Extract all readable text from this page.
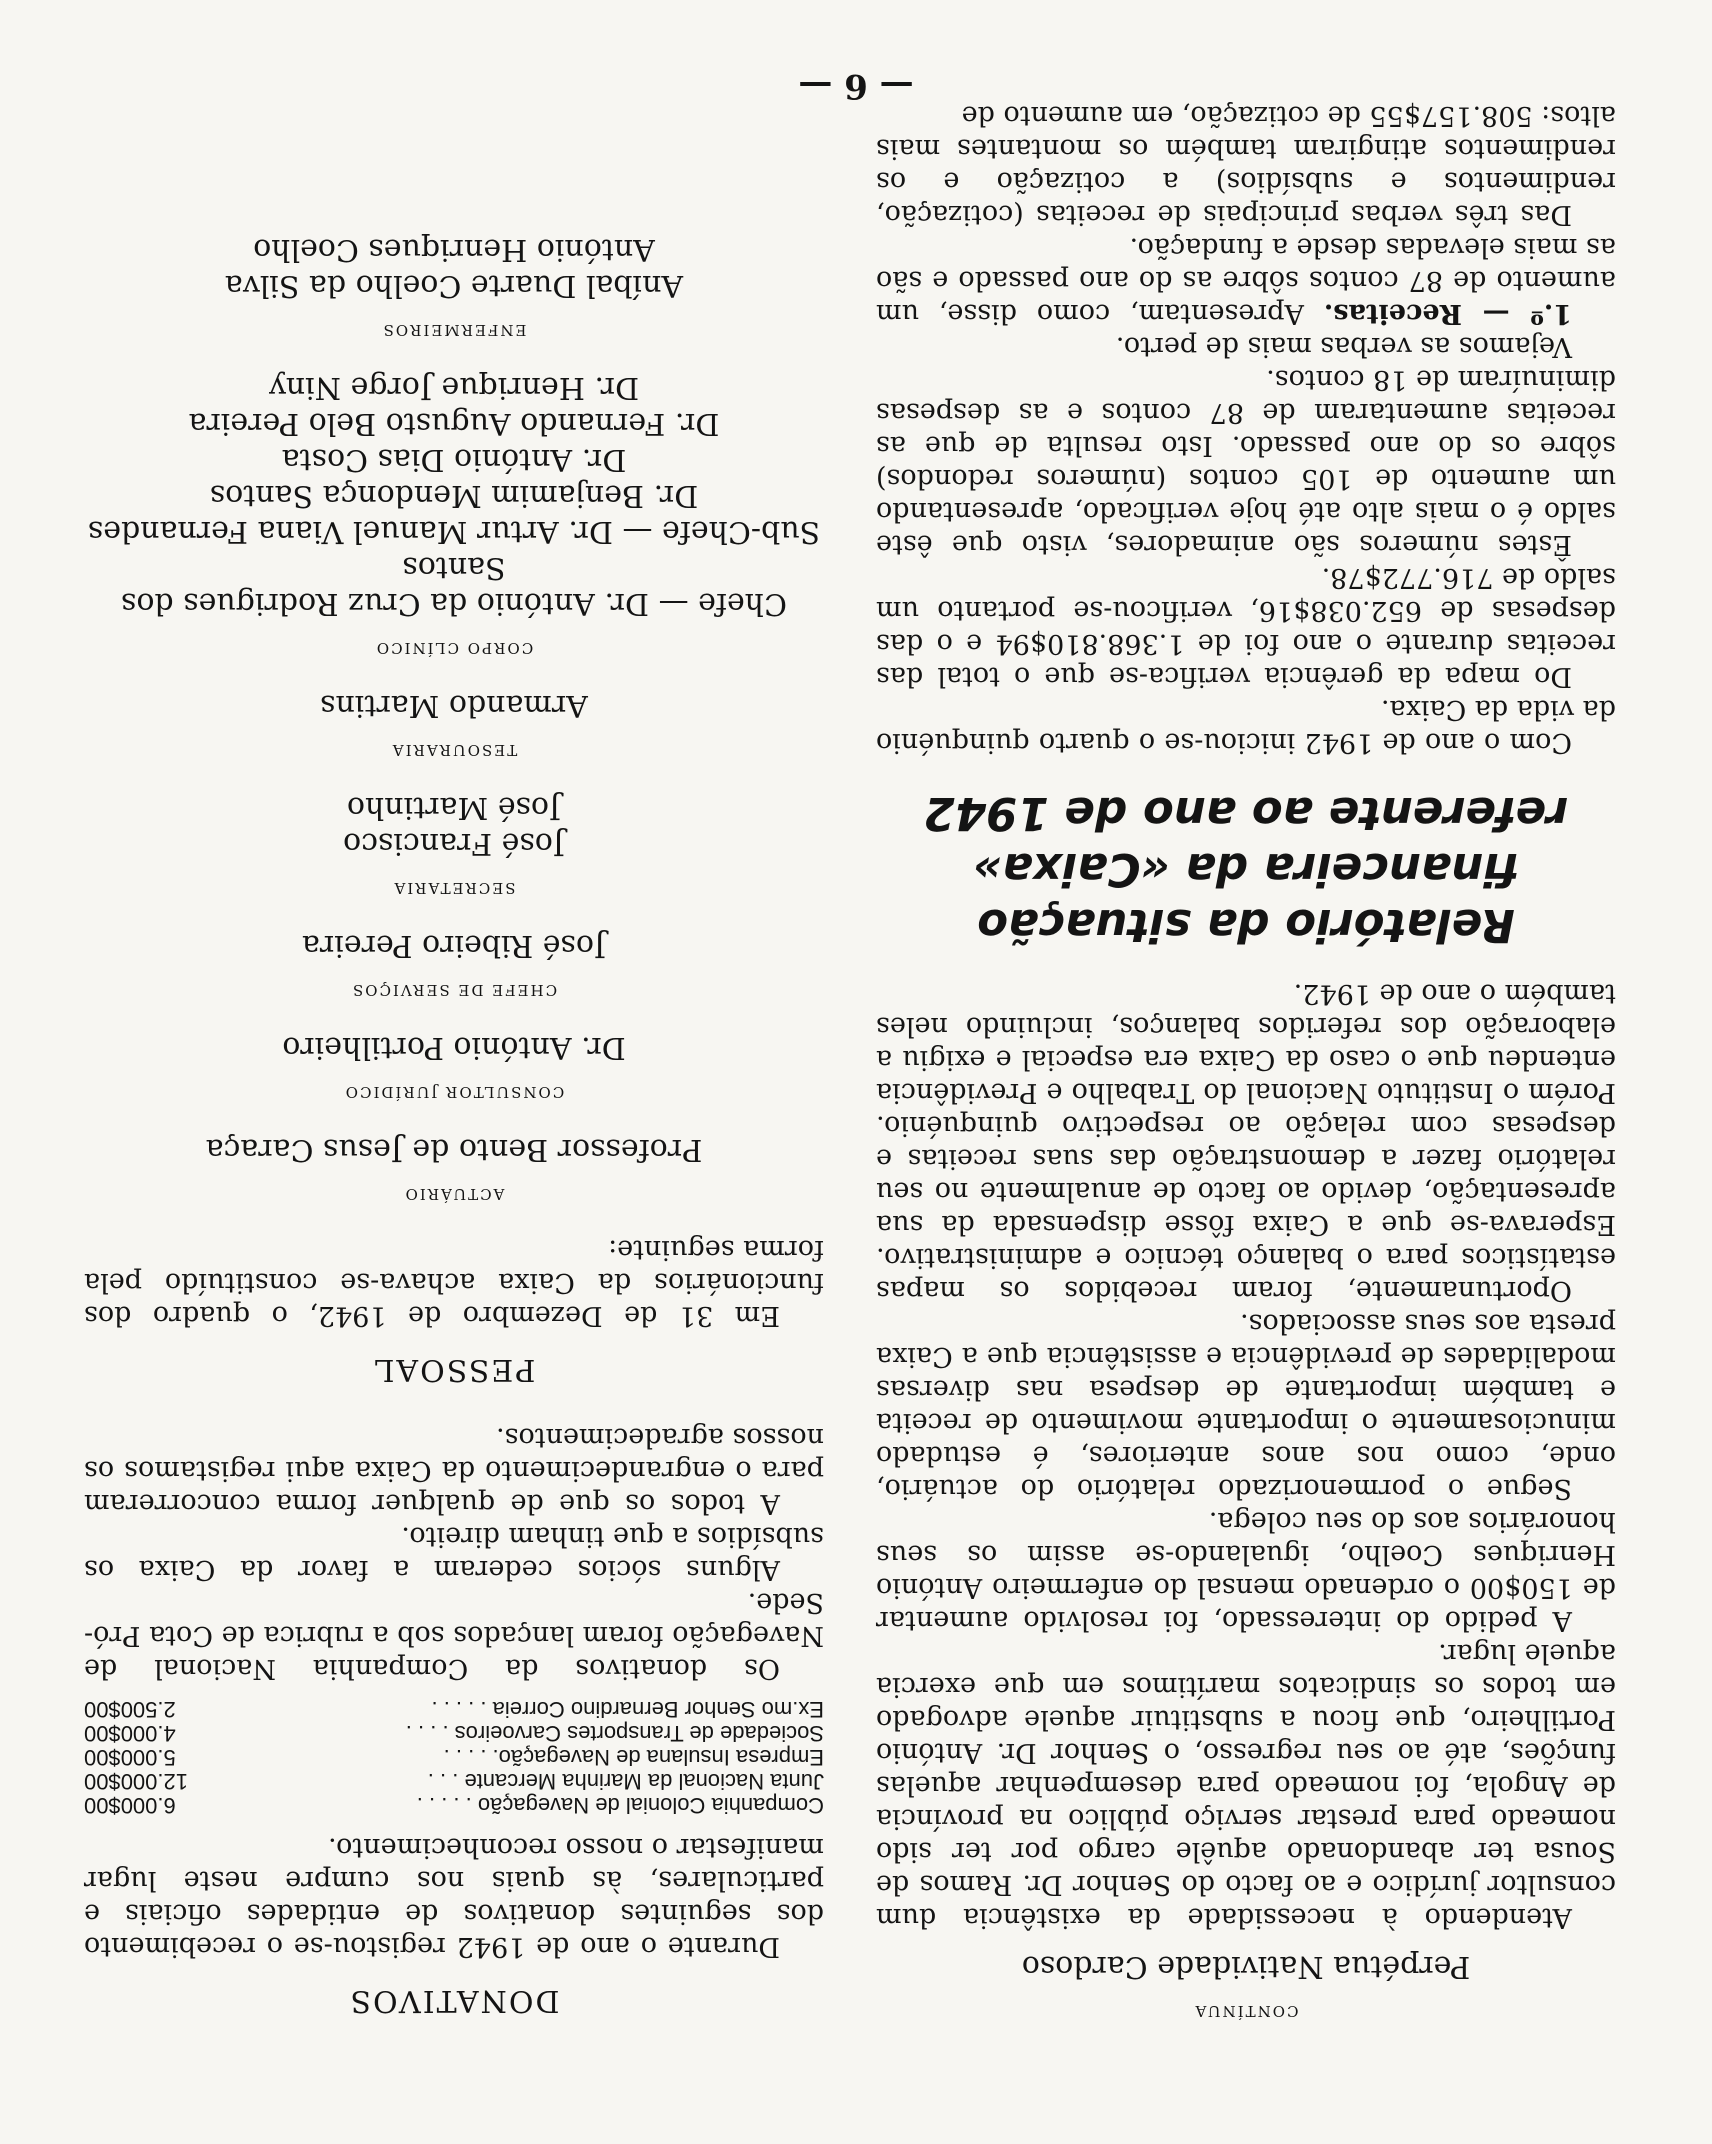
— 6 —
DONATIVOS

Durante o ano de 1942 registou-se o recebimento dos seguintes donativos de entidades oficiais e particulares, às quais nos cumpre neste lugar manifestar o nosso reconhecimento.

Companhia Colonial de Navegação . . . . .	6.000$00
Junta Nacional da Marinha Mercante . . .	12.000$00
Empresa Insulana de Navegação. . . . .	5.000$00
Sociedade de Transportes Carvoeiros . . . .	4.000$00
Ex.mo Senhor Bernardino Correia . . . . .	2.500$00

Os donativos da Companhia Nacional de Navegação foram lançados sob a rubrica de Cota Pró-Sede.

Alguns sócios cederam a favor da Caixa os subsídios a que tinham direito.

A todos os que de qualquer forma concorreram para o engrandecimento da Caixa aqui registamos os nossos agradecimentos.

PESSOAL

Em 31 de Dezembro de 1942, o quadro dos funcionários da Caixa achava-se constituído pela forma seguinte:

ACTUÁRIO
Professor Bento de Jesus Caraça
CONSULTOR JURÍDICO
Dr. António Portilheiro
CHEFE DE SERVIÇOS
José Ribeiro Pereira
SECRETARIA
José Francisco
José Martinho
TESOURARIA
Armando Martins
CORPO CLÍNICO
Chefe — Dr. António da Cruz Rodrigues dos Santos
Sub-Chefe — Dr. Artur Manuel Viana Fernandes
Dr. Benjamim Mendonça Santos
Dr. António Dias Costa
Dr. Fernando Augusto Belo Pereira
Dr. Henrique Jorge Niny
ENFERMEIROS
Aníbal Duarte Coelho da Silva
António Henriques Coelho
CONTÍNUA
Perpétua Natividade Cardoso

Atendendo à necessidade da existência dum consultor jurídico e ao facto do Senhor Dr. Ramos de Sousa ter abandonado aquêle cargo por ter sido nomeado para prestar serviço público na província de Angola, foi nomeado para desempenhar aquelas funções, até ao seu regresso, o Senhor Dr. António Portilheiro, que ficou a substituir aquele advogado em todos os sindicatos marítimos em que exercia aquele lugar.

A pedido do interessado, foi resolvido aumentar de 150$00 o ordenado mensal do enfermeiro António Henriques Coelho, igualando-se assim os seus honorários aos do seu colega.

Segue o pormenorizado relatório do actuário, onde, como nos anos anteriores, é estudado minuciosamente o importante movimento de receita e também importante de despesa nas diversas modalidades de previdência e assistência que a Caixa presta aos seus associados.

Oportunamente, foram recebidos os mapas estatísticos para o balanço técnico e administrativo. Esperava-se que a Caixa fôsse dispensada da sua apresentação, devido ao facto de anualmente no seu relatório fazer a demonstração das suas receitas e despesas com relação ao respectivo quinquénio. Porém o Instituto Nacional do Trabalho e Previdência entendeu que o caso da Caixa era especial e exigiu a elaboração dos referidos balanços, incluindo neles também o ano de 1942.

Relatório da situação financeira da «Caixa» referente ao ano de 1942

Com o ano de 1942 iniciou-se o quarto quinquénio da vida da Caixa.

Do mapa da gerência verifica-se que o total das receitas durante o ano foi de 1.368.810$94 e o das despesas de 652.038$16, verificou-se portanto um saldo de 716.772$78.

Êstes números são animadores, visto que êste saldo é o mais alto até hoje verificado, apresentando um aumento de 105 contos (números redondos) sôbre os do ano passado. Isto resulta de que as receitas aumentaram de 87 contos e as despesas diminuíram de 18 contos.

Vejamos as verbas mais de perto.

1.º — Receitas. Apresentam, como disse, um aumento de 87 contos sôbre as do ano passado e são as mais elevadas desde a fundação.

Das três verbas principais de receitas (cotização, rendimentos e subsídios) a cotização e os rendimentos atingiram também os montantes mais altos: 508.157$55 de cotização, em aumento de
